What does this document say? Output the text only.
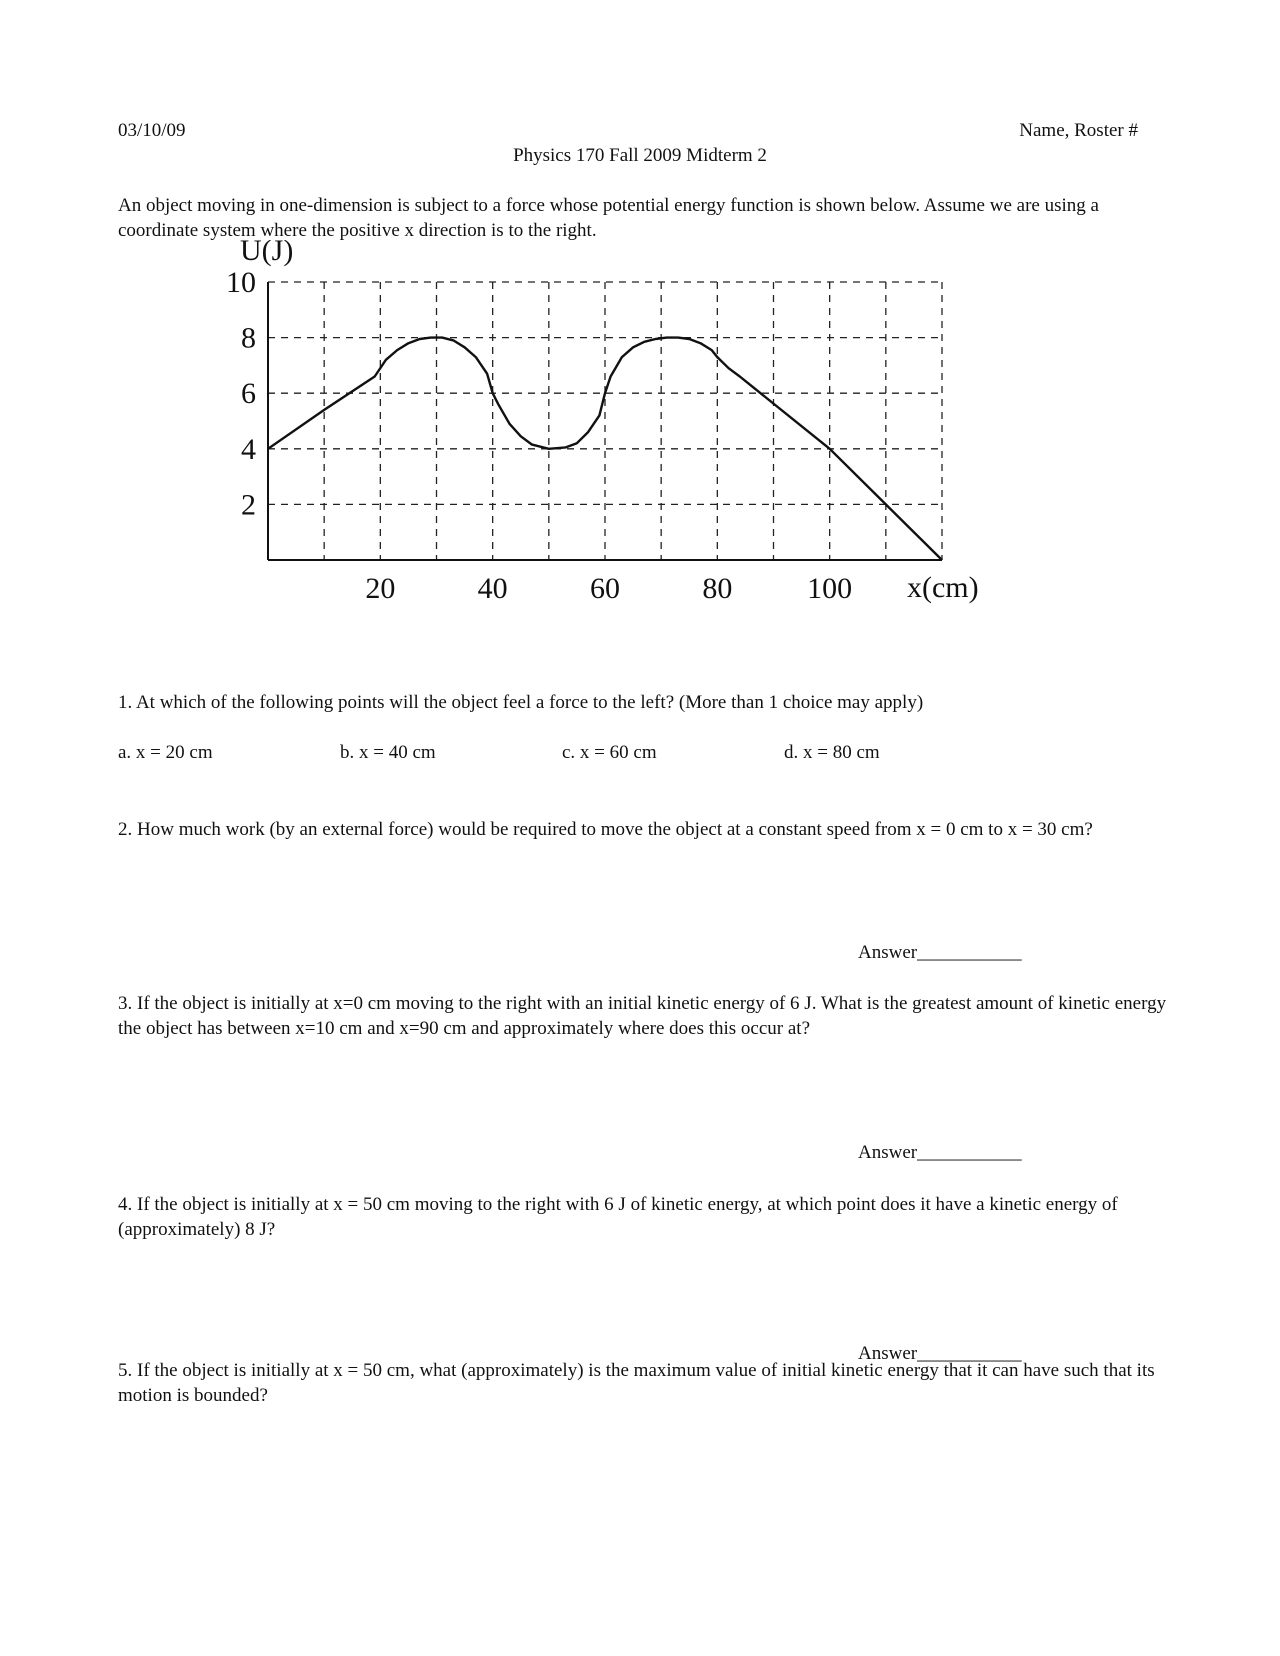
03/10/09	Name, Roster #
Physics 170 Fall 2009 Midterm 2
An object moving in one-dimension is subject to a force whose potential energy function is shown below. Assume we are using a coordinate system where the positive x direction is to the right.
20	40	60	80 100
10
8
6
4
2
U(J)
x(cm)
1. At which of the following points will the object feel a force to the left? (More than 1 choice may apply)
a. x = 20 cm	b. x = 40 cm	c. x = 60 cm	d. x = 80 cm
2. How much work (by an external force) would be required to move the object at a constant speed from x = 0 cm to x = 30 cm?
Answer___________
3. If the object is initially at x=0 cm moving to the right with an initial kinetic energy of 6 J. What is the greatest amount of kinetic energy the object has between x=10 cm and x=90 cm and approximately where does this occur at?
Answer___________
4. If the object is initially at x = 50 cm moving to the right with 6 J of kinetic energy, at which point does it have a kinetic energy of (approximately) 8 J?
Answer___________
5. If the object is initially at x = 50 cm, what (approximately) is the maximum value of initial kinetic energy that it can have such that its motion is bounded?
